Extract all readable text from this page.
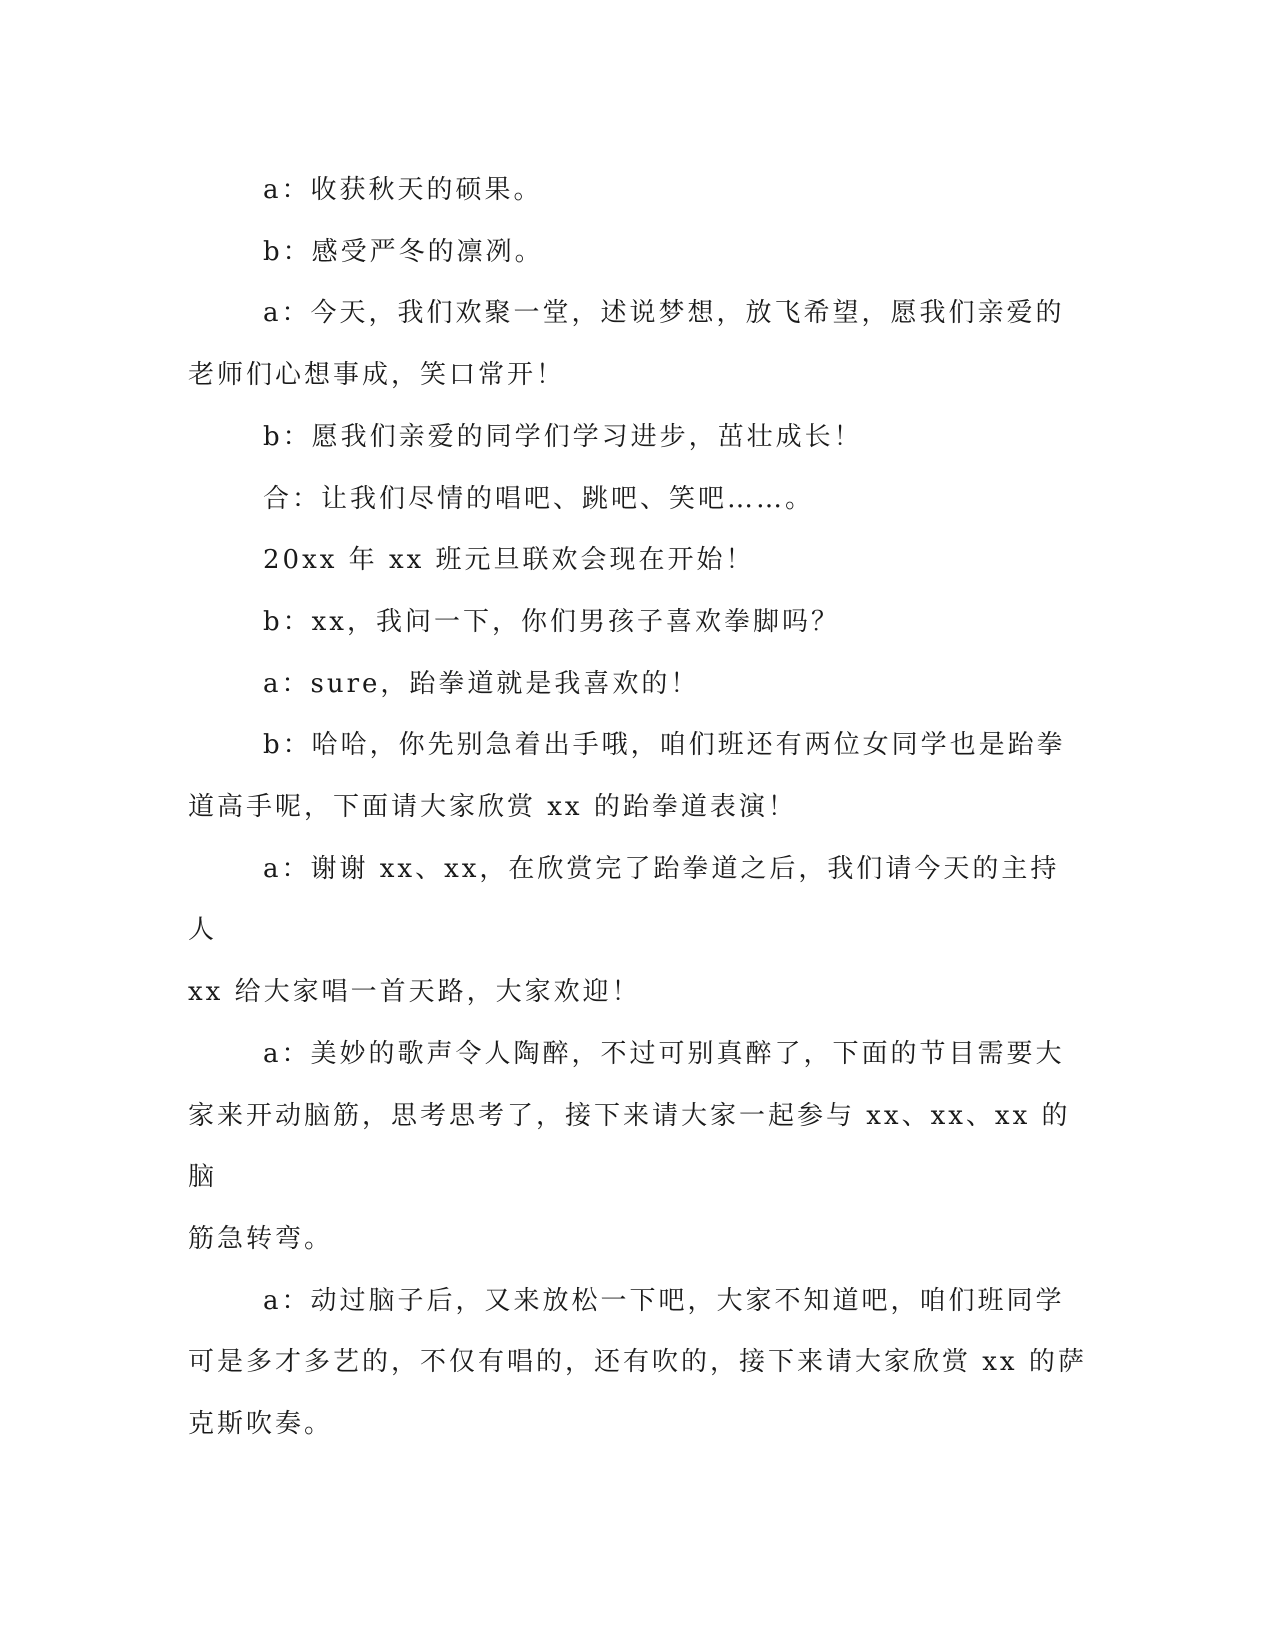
a：收获秋天的硕果。

b：感受严冬的凛冽。

a：今天，我们欢聚一堂，述说梦想，放飞希望，愿我们亲爱的
老师们心想事成，笑口常开！

b：愿我们亲爱的同学们学习进步，茁壮成长！

合：让我们尽情的唱吧、跳吧、笑吧……。

20xx 年 xx 班元旦联欢会现在开始！

b：xx，我问一下，你们男孩子喜欢拳脚吗？

a：sure，跆拳道就是我喜欢的！

b：哈哈，你先别急着出手哦，咱们班还有两位女同学也是跆拳
道高手呢，下面请大家欣赏 xx 的跆拳道表演！

a：谢谢 xx、xx，在欣赏完了跆拳道之后，我们请今天的主持人
xx 给大家唱一首天路，大家欢迎！

a：美妙的歌声令人陶醉，不过可别真醉了，下面的节目需要大
家来开动脑筋，思考思考了，接下来请大家一起参与 xx、xx、xx 的脑
筋急转弯。

a：动过脑子后，又来放松一下吧，大家不知道吧，咱们班同学
可是多才多艺的，不仅有唱的，还有吹的，接下来请大家欣赏 xx 的萨
克斯吹奏。
